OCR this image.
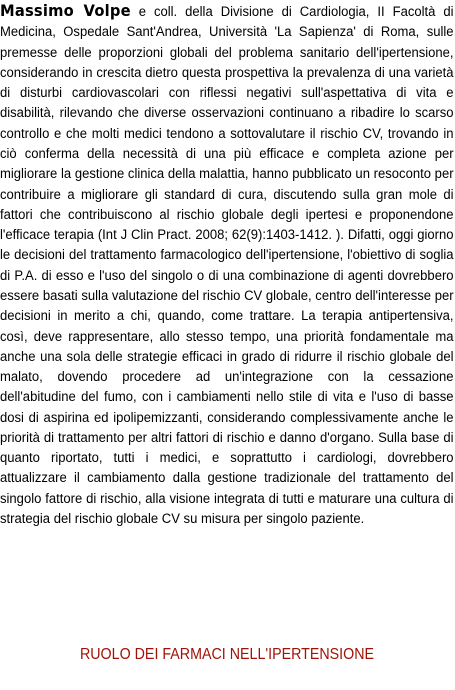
Massimo Volpe e coll. della Divisione di Cardiologia, II Facoltà di Medicina, Ospedale Sant'Andrea, Università 'La Sapienza' di Roma, sulle premesse delle proporzioni globali del problema sanitario dell'ipertensione, considerando in crescita dietro questa prospettiva la prevalenza di una varietà di disturbi cardiovascolari con riflessi negativi sull'aspettativa di vita e disabilità, rilevando che diverse osservazioni continuano a ribadire lo scarso controllo e che molti medici tendono a sottovalutare il rischio CV, trovando in ciò conferma della necessità di una più efficace e completa azione per migliorare la gestione clinica della malattia, hanno pubblicato un resoconto per contribuire a migliorare gli standard di cura, discutendo sulla gran mole di fattori che contribuiscono al rischio globale degli ipertesi e proponendone l'efficace terapia (Int J Clin Pract. 2008; 62(9):1403-1412. ). Difatti, oggi giorno le decisioni del trattamento farmacologico dell'ipertensione, l'obiettivo di soglia di P.A. di esso e l'uso del singolo o di una combinazione di agenti dovrebbero essere basati sulla valutazione del rischio CV globale, centro dell'interesse per decisioni in merito a chi, quando, come trattare. La terapia antipertensiva, così, deve rappresentare, allo stesso tempo, una priorità fondamentale ma anche una sola delle strategie efficaci in grado di ridurre il rischio globale del malato, dovendo procedere ad un'integrazione con la cessazione dell'abitudine del fumo, con i cambiamenti nello stile di vita e l'uso di basse dosi di aspirina ed ipolipemizzanti, considerando complessivamente anche le priorità di trattamento per altri fattori di rischio e danno d'organo. Sulla base di quanto riportato, tutti i medici, e soprattutto i cardiologi, dovrebbero attualizzare il cambiamento dalla gestione tradizionale del trattamento del singolo fattore di rischio, alla visione integrata di tutti e maturare una cultura di strategia del rischio globale CV su misura per singolo paziente.

RUOLO DEI FARMACI NELL'IPERTENSIONE
